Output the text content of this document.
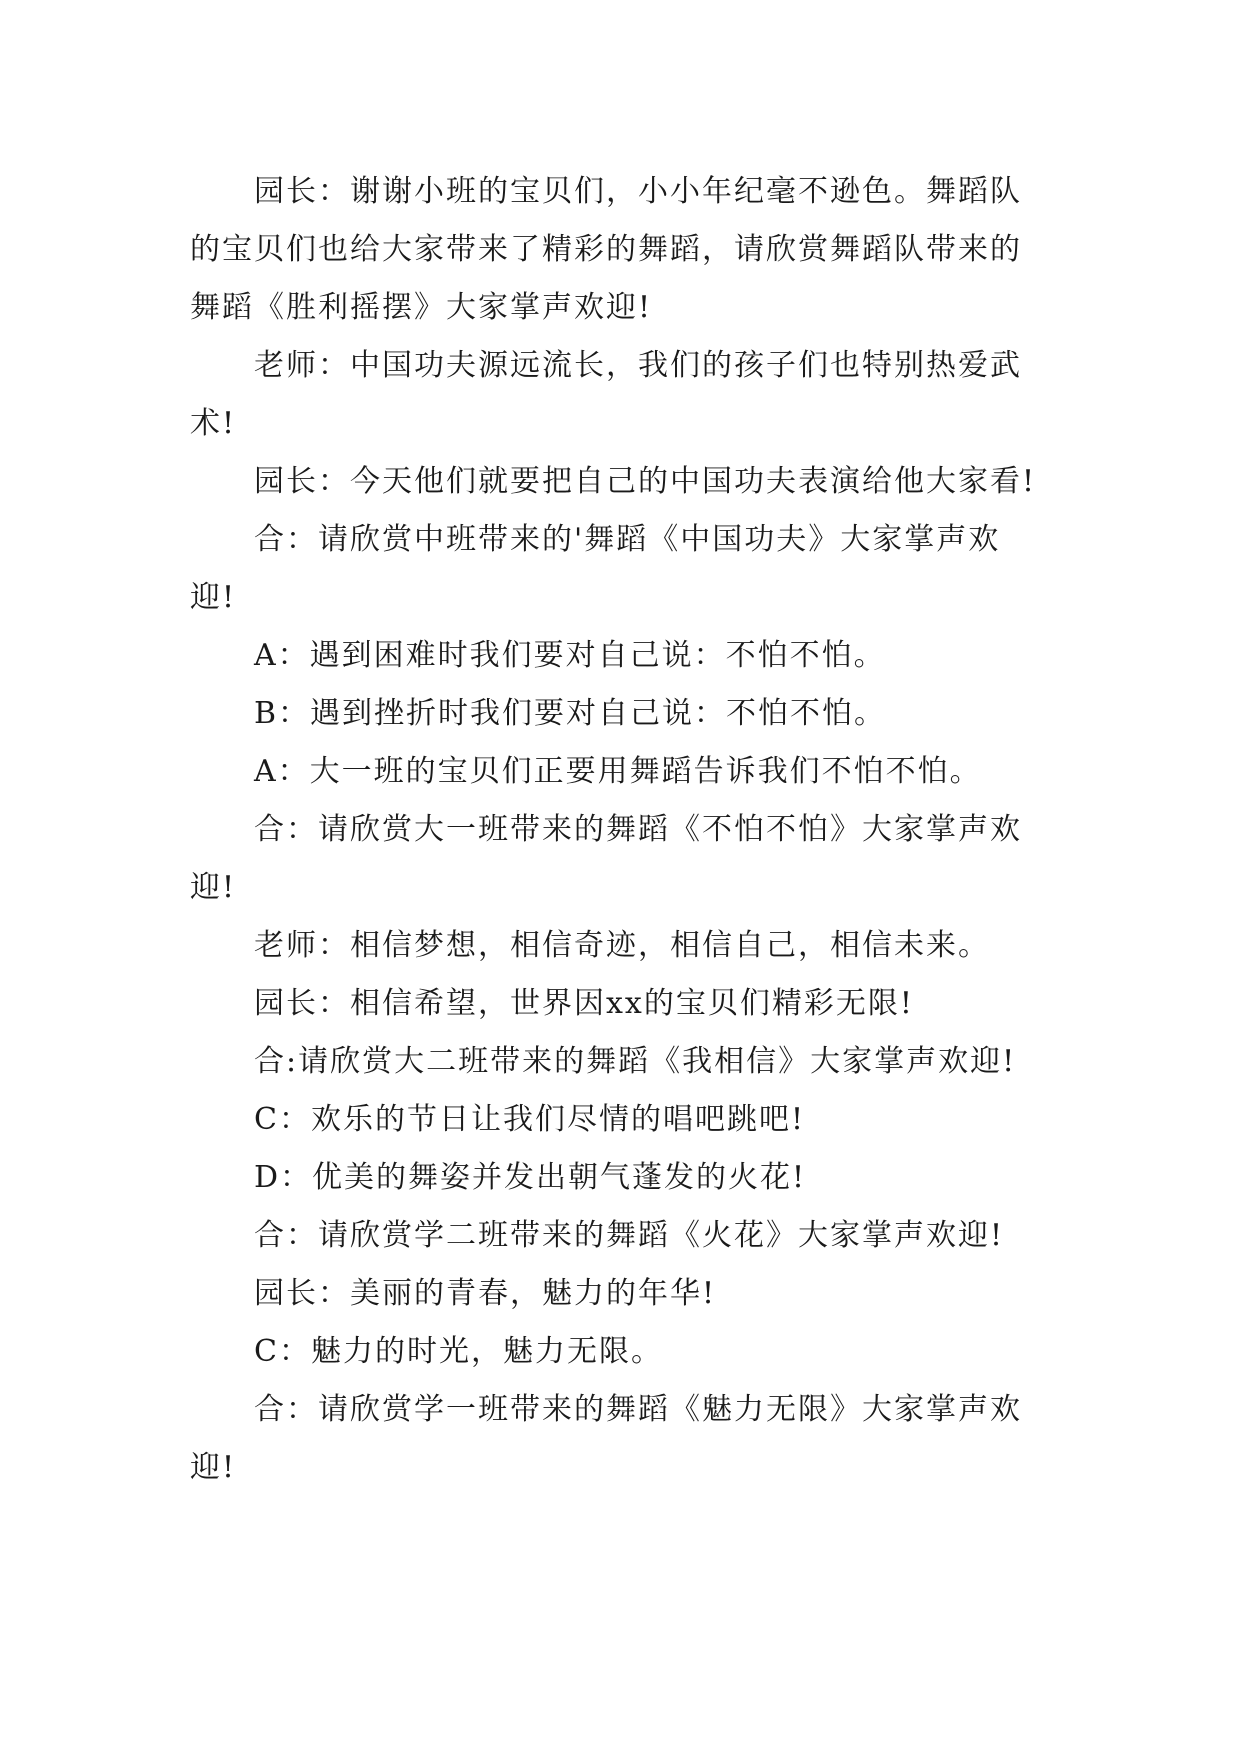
园长：谢谢小班的宝贝们，小小年纪毫不逊色。舞蹈队的宝贝们也给大家带来了精彩的舞蹈，请欣赏舞蹈队带来的舞蹈《胜利摇摆》大家掌声欢迎!

老师：中国功夫源远流长，我们的孩子们也特别热爱武术!

园长：今天他们就要把自己的中国功夫表演给他大家看!

合：请欣赏中班带来的'舞蹈《中国功夫》大家掌声欢迎!

A：遇到困难时我们要对自己说：不怕不怕。

B：遇到挫折时我们要对自己说：不怕不怕。

A：大一班的宝贝们正要用舞蹈告诉我们不怕不怕。

合：请欣赏大一班带来的舞蹈《不怕不怕》大家掌声欢迎!

老师：相信梦想，相信奇迹，相信自己，相信未来。

园长：相信希望，世界因xx的宝贝们精彩无限!

合:请欣赏大二班带来的舞蹈《我相信》大家掌声欢迎!

C：欢乐的节日让我们尽情的唱吧跳吧!

D：优美的舞姿并发出朝气蓬发的火花!

合：请欣赏学二班带来的舞蹈《火花》大家掌声欢迎!

园长：美丽的青春，魅力的年华!

C：魅力的时光，魅力无限。

合：请欣赏学一班带来的舞蹈《魅力无限》大家掌声欢迎!
